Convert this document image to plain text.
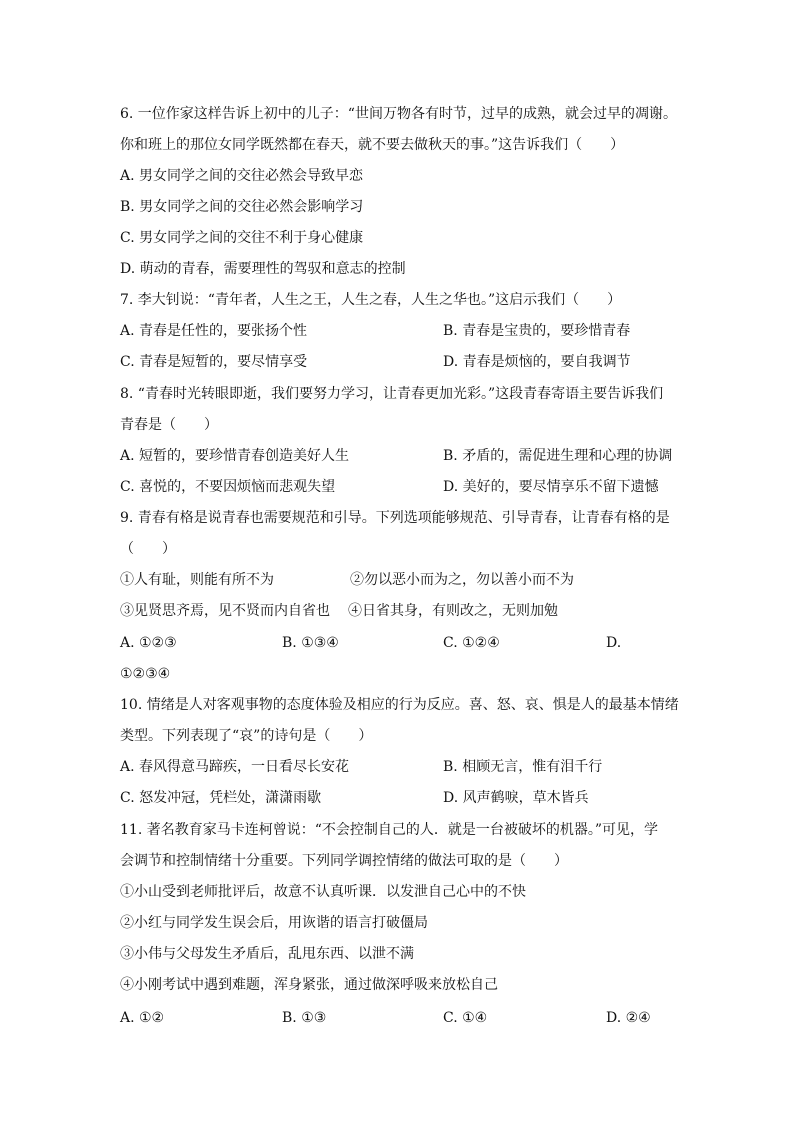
6. 一位作家这样告诉上初中的儿子：“世间万物各有时节，过早的成熟，就会过早的凋谢。
你和班上的那位女同学既然都在春天，就不要去做秋天的事。”这告诉我们（　　）
A. 男女同学之间的交往必然会导致早恋
B. 男女同学之间的交往必然会影响学习
C. 男女同学之间的交往不利于身心健康
D. 萌动的青春，需要理性的驾驭和意志的控制
7. 李大钊说：“青年者，人生之王，人生之春，人生之华也。”这启示我们（　　）
A. 青春是任性的，要张扬个性	B. 青春是宝贵的，要珍惜青春
C. 青春是短暂的，要尽情享受	D. 青春是烦恼的，要自我调节
8. “青春时光转眼即逝，我们要努力学习，让青春更加光彩。”这段青春寄语主要告诉我们
青春是（　　）
A. 短暂的，要珍惜青春创造美好人生	B. 矛盾的，需促进生理和心理的协调
C. 喜悦的，不要因烦恼而悲观失望	D. 美好的，要尽情享乐不留下遗憾
9. 青春有格是说青春也需要规范和引导。下列选项能够规范、引导青春，让青春有格的是
（　　）
①人有耻，则能有所不为	②勿以恶小而为之，勿以善小而不为
③见贤思齐焉，见不贤而内自省也 ④日省其身，有则改之，无则加勉
A. ①②③	B. ①③④	C. ①②④	D.
①②③④
10. 情绪是人对客观事物的态度体验及相应的行为反应。喜、怒、哀、惧是人的最基本情绪
类型。下列表现了“哀”的诗句是（　　）
A. 春风得意马蹄疾，一日看尽长安花	B. 相顾无言，惟有泪千行
C. 怒发冲冠，凭栏处，潇潇雨歇	D. 风声鹤唳，草木皆兵
11. 著名教育家马卡连柯曾说：“不会控制自己的人．就是一台被破坏的机器。”可见，学
会调节和控制情绪十分重要。下列同学调控情绪的做法可取的是（　　）
①小山受到老师批评后，故意不认真听课．以发泄自己心中的不快
②小红与同学发生误会后，用诙谐的语言打破僵局
③小伟与父母发生矛盾后，乱甩东西、以泄不满
④小刚考试中遇到难题，浑身紧张，通过做深呼吸来放松自己
A. ①②	B. ①③	C. ①④	D. ②④
